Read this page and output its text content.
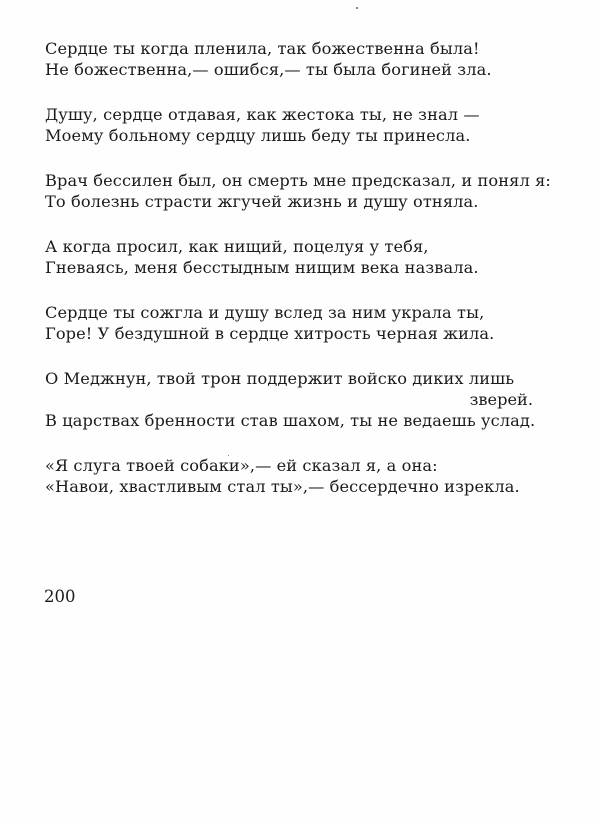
Сердце ты когда пленила, так божественна была!
Не божественна,— ошибся,— ты была богиней зла.
Душу, сердце отдавая, как жестока ты, не знал —
Моему больному сердцу лишь беду ты принесла.
Врач бессилен был, он смерть мне предсказал, и понял я:
То болезнь страсти жгучей жизнь и душу отняла.
А когда просил, как нищий, поцелуя у тебя,
Гневаясь, меня бесстыдным нищим века назвала.
Сердце ты сожгла и душу вслед за ним украла ты,
Горе! У бездушной в сердце хитрость черная жила.
О Меджнун, твой трон поддержит войско диких лишь
зверей.
В царствах бренности став шахом, ты не ведаешь услад.
«Я слуга твоей собаки»,— ей сказал я, а она:
«Навои, хвастливым стал ты»,— бессердечно изрекла.
200
